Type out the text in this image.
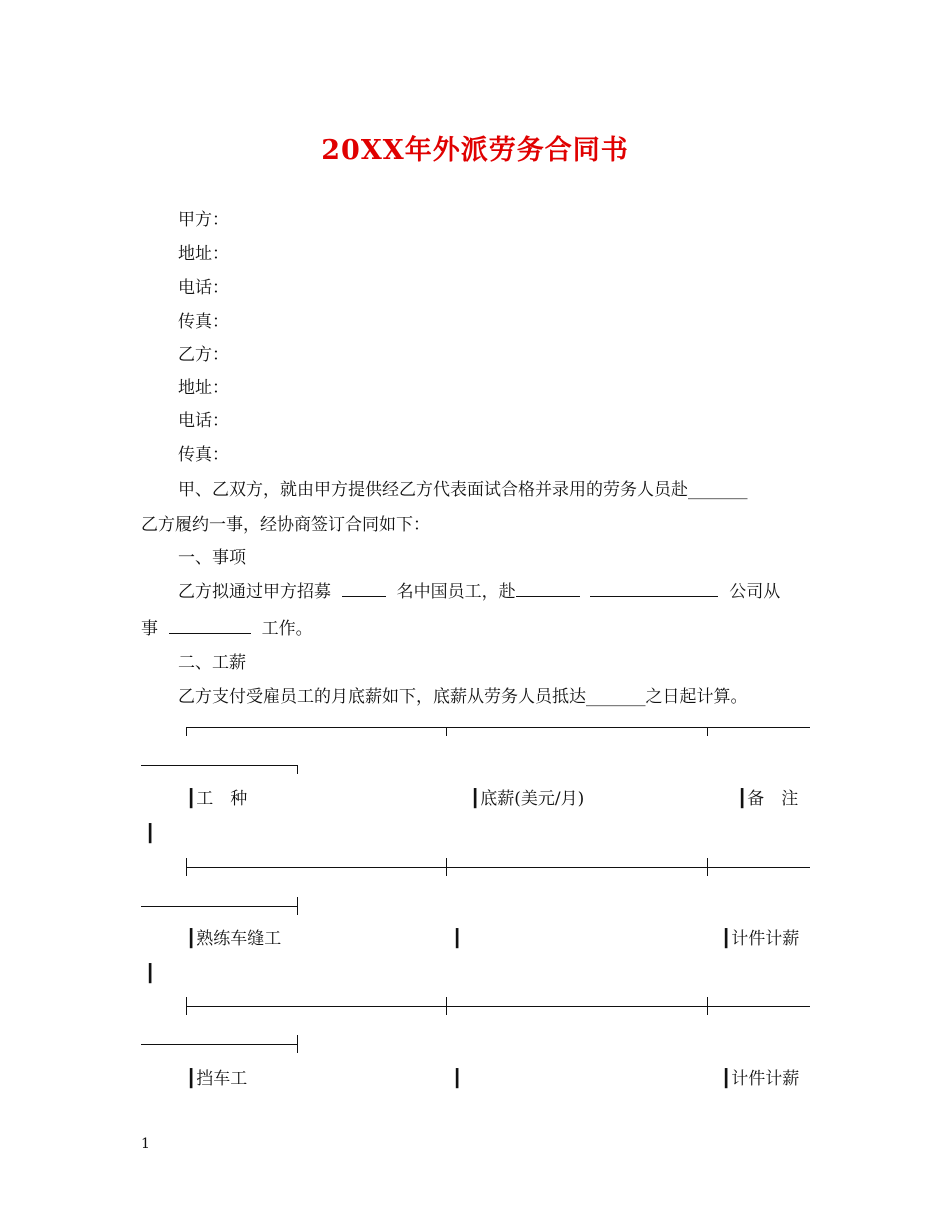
20XX年外派劳务合同书
甲方：
地址：
电话：
传真：
乙方：
地址：
电话：
传真：
甲、乙双方，就由甲方提供经乙方代表面试合格并录用的劳务人员赴_______
乙方履约一事，经协商签订合同如下：
一、事项
乙方拟通过甲方招募	名中国员工，赴	公司从
事	工作。
二、工薪
乙方支付受雇员工的月底薪如下，底薪从劳务人员抵达_______之日起计算。
┃工　种	┃底薪(美元/月)	┃备　注
┃
┃熟练车缝工	┃	┃计件计薪
┃
┃挡车工	┃	┃计件计薪
1
